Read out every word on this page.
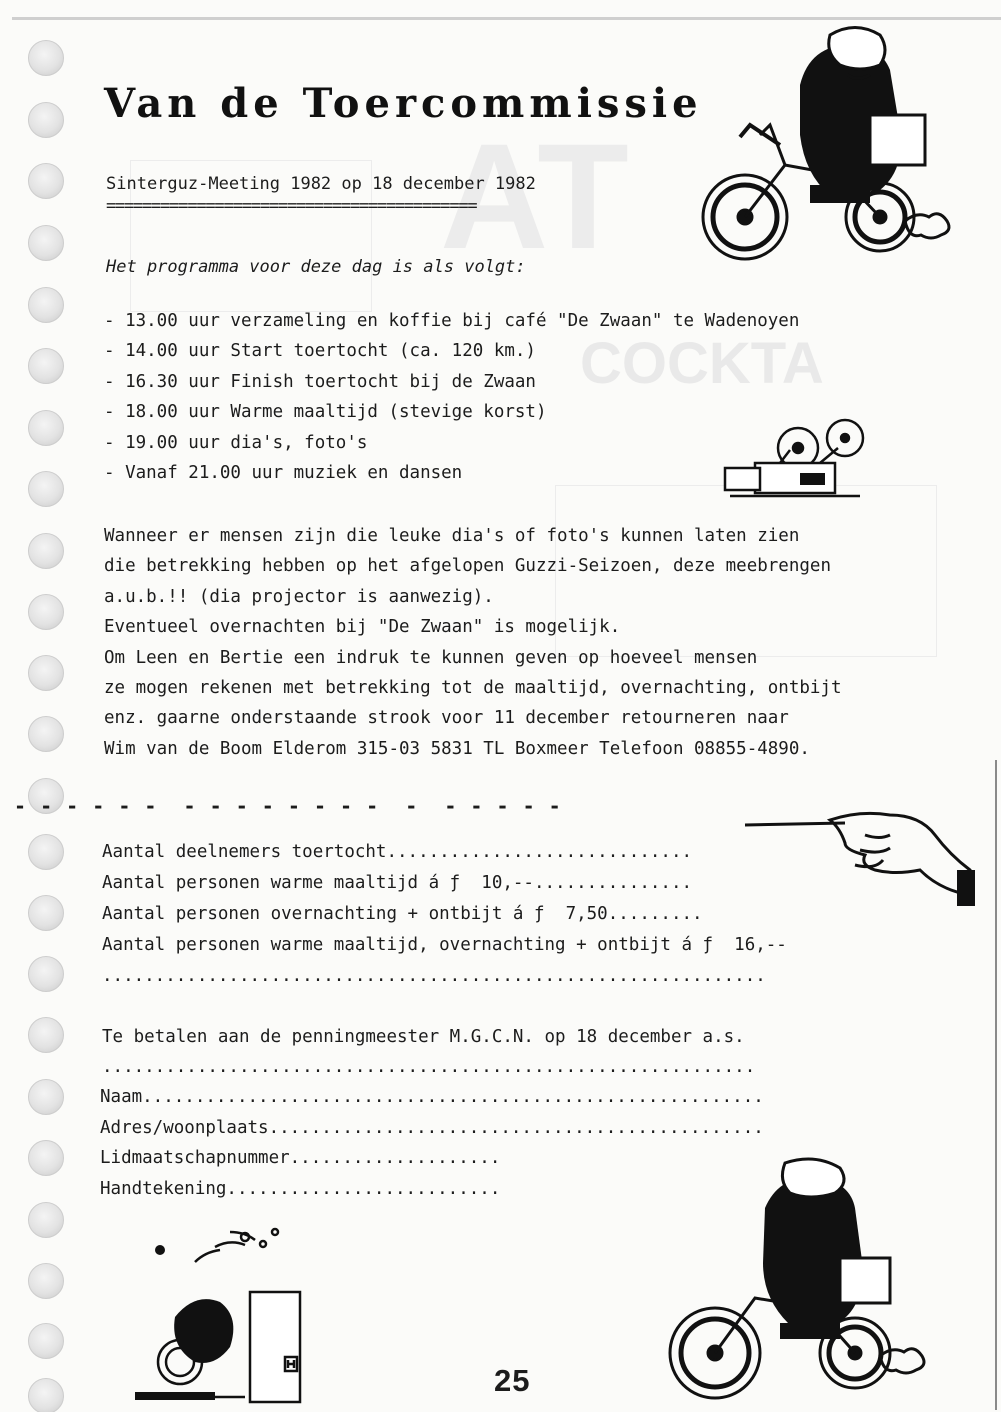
AT
COCKTA
Van de Toercommissie
Sinterguz-Meeting 1982 op 18 december 1982
=========================================
Het programma voor deze dag is als volgt:
- 13.00 uur verzameling en koffie bij café "De Zwaan" te Wadenoyen
- 14.00 uur Start toertocht (ca. 120 km.)
- 16.30 uur Finish toertocht bij de Zwaan
- 18.00 uur Warme maaltijd (stevige korst)
- 19.00 uur dia's, foto's
- Vanaf 21.00 uur muziek en dansen
Wanneer er mensen zijn die leuke dia's of foto's kunnen laten zien
die betrekking hebben op het afgelopen Guzzi-Seizoen, deze meebrengen
a.u.b.!! (dia projector is aanwezig).
Eventueel overnachten bij "De Zwaan" is mogelijk.
Om Leen en Bertie een indruk te kunnen geven op hoeveel mensen
ze mogen rekenen met betrekking tot de maaltijd, overnachting, ontbijt
enz. gaarne onderstaande strook voor 11 december retourneren naar
Wim van de Boom Elderom 315-03 5831 TL Boxmeer Telefoon 08855-4890.
- - - - - -  - - - - - - - -  -  - - - - -
Aantal deelnemers toertocht.............................
Aantal personen warme maaltijd á ƒ  10,--...............
Aantal personen overnachting + ontbijt á ƒ  7,50.........
Aantal personen warme maaltijd, overnachting + ontbijt á ƒ  16,--
...............................................................
Te betalen aan de penningmeester M.G.C.N. op 18 december a.s.
..............................................................
Naam...........................................................
Adres/woonplaats...............................................
Lidmaatschapnummer....................
Handtekening..........................
25
